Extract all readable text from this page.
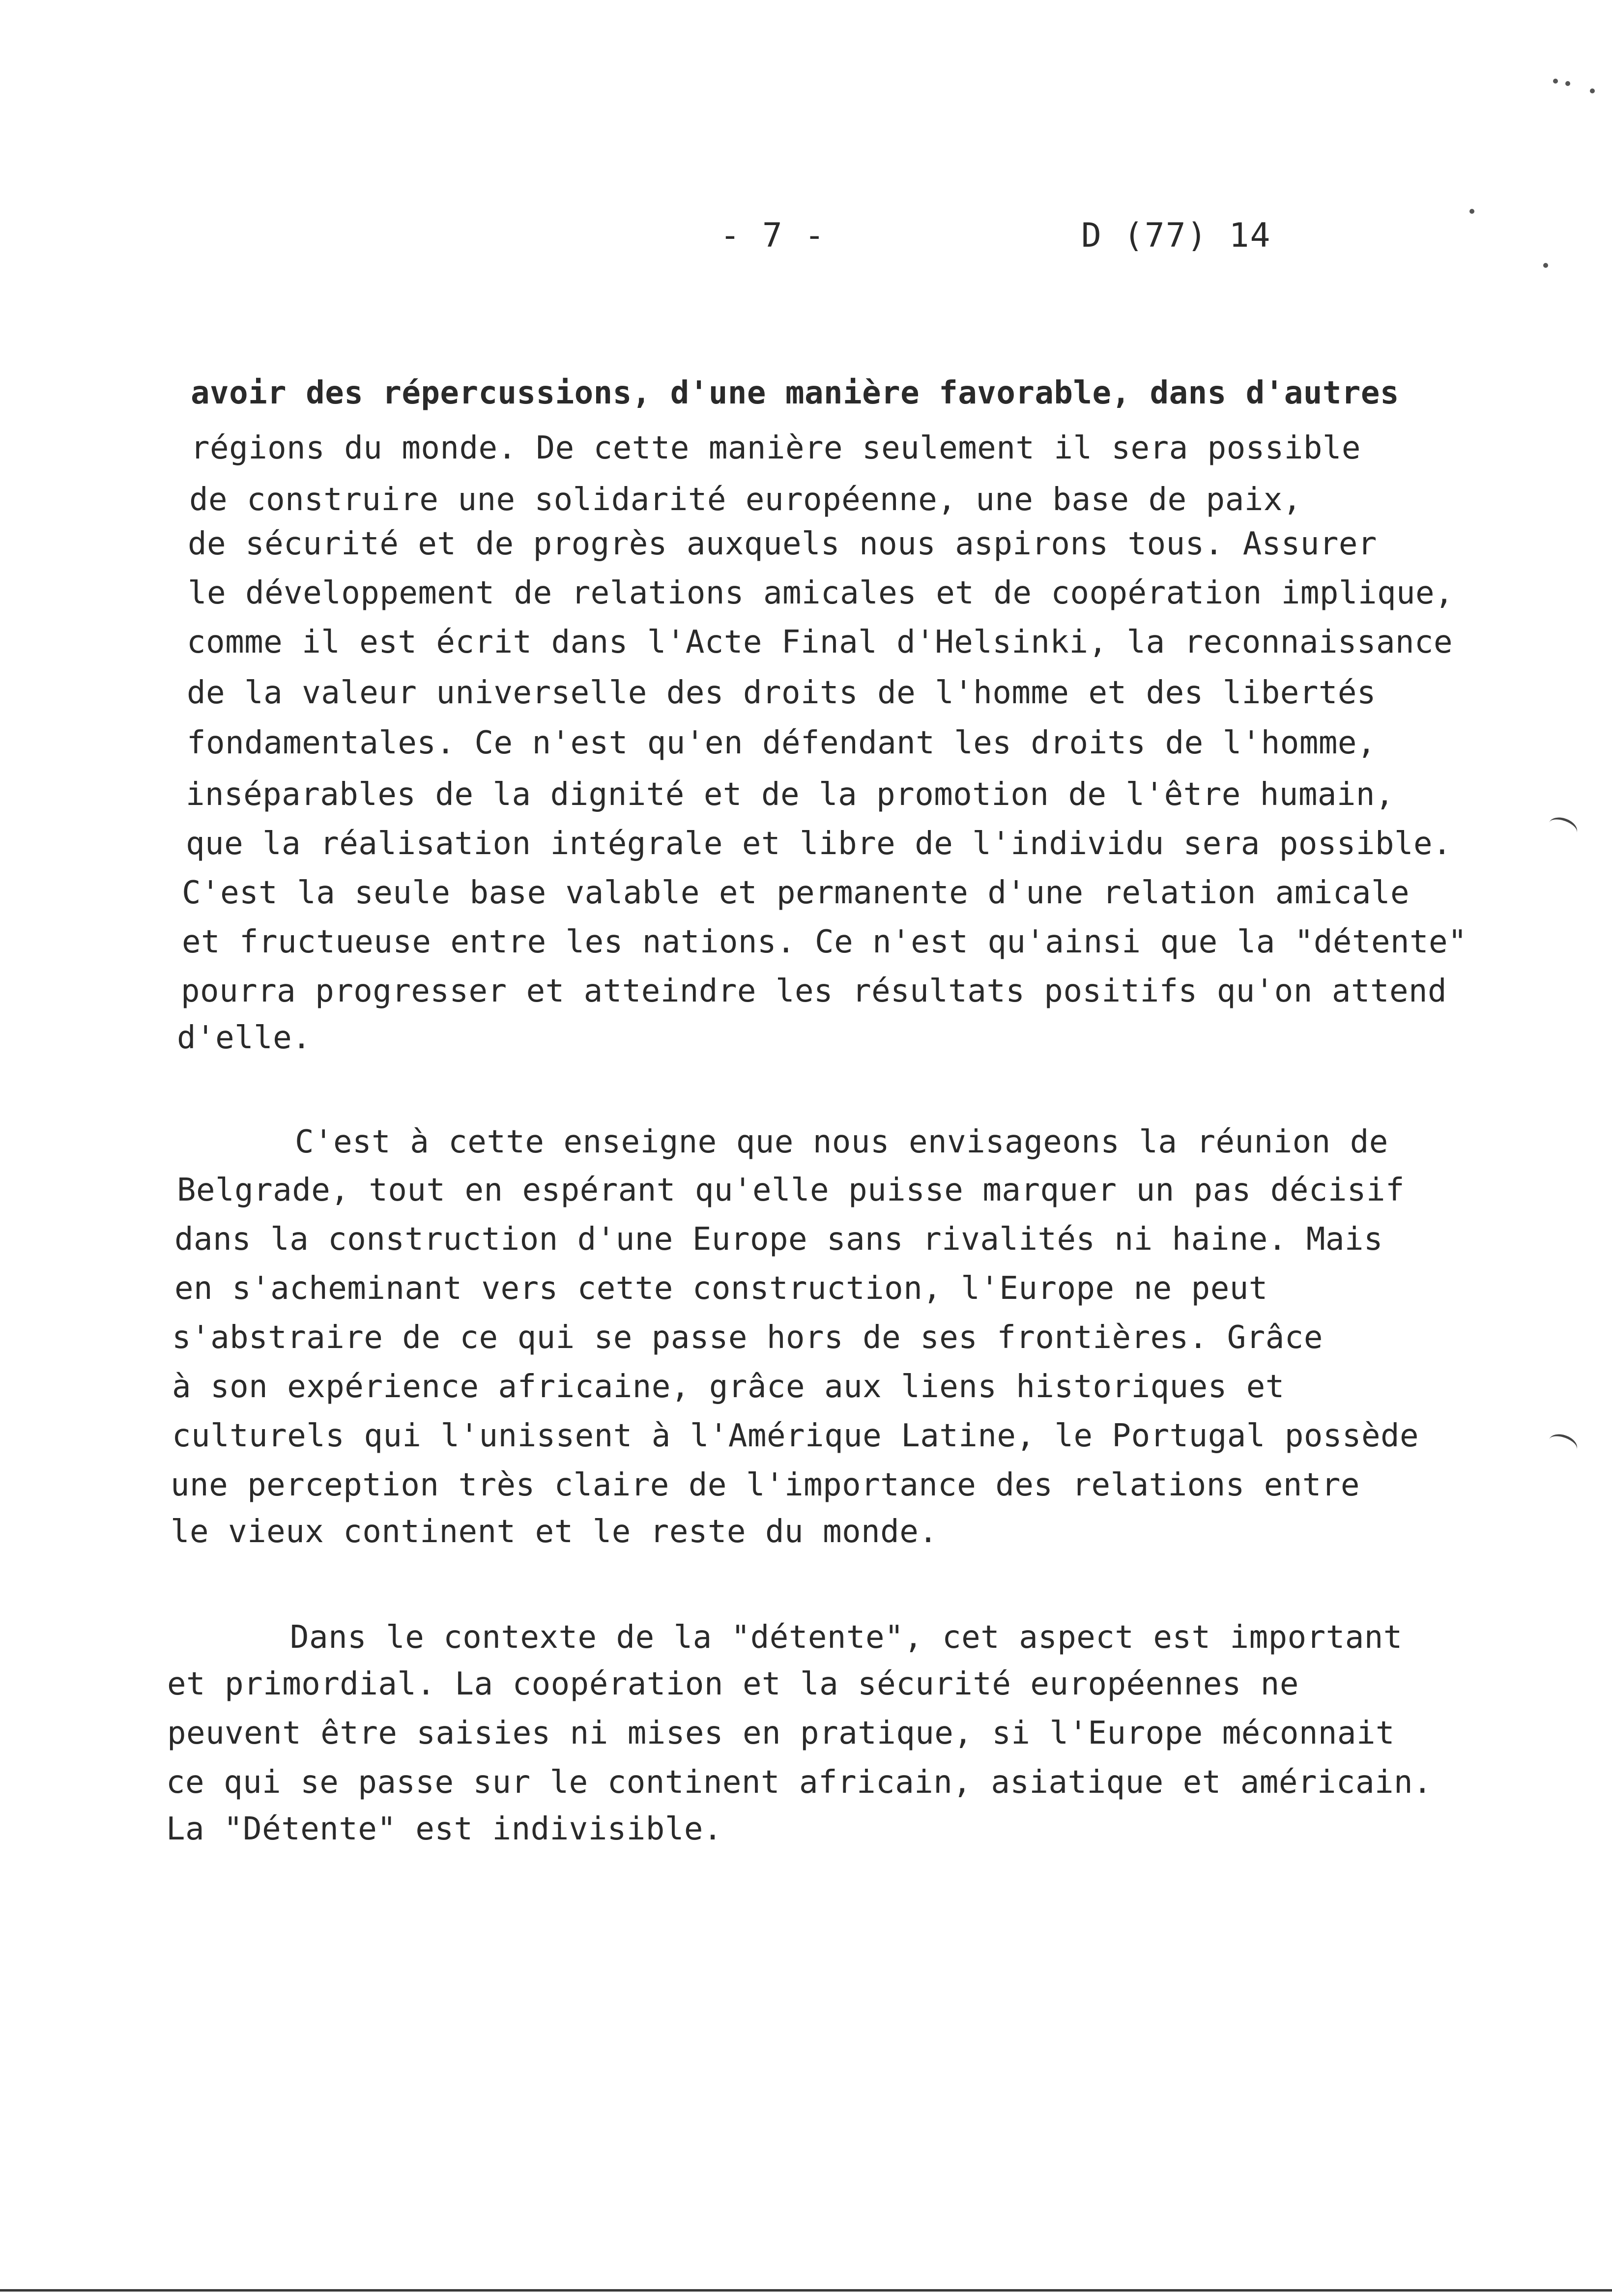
- 7 -	D (77) 14
avoir des répercussions, d'une manière favorable, dans d'autres
régions du monde. De cette manière seulement il sera possible
de construire une solidarité européenne, une base de paix,
de sécurité et de progrès auxquels nous aspirons tous. Assurer
le développement de relations amicales et de coopération implique,
comme il est écrit dans l'Acte Final d'Helsinki, la reconnaissance
de la valeur universelle des droits de l'homme et des libertés
fondamentales. Ce n'est qu'en défendant les droits de l'homme,
inséparables de la dignité et de la promotion de l'être humain,
que la réalisation intégrale et libre de l'individu sera possible.
C'est la seule base valable et permanente d'une relation amicale
et fructueuse entre les nations. Ce n'est qu'ainsi que la "détente"
pourra progresser et atteindre les résultats positifs qu'on attend
d'elle.
C'est à cette enseigne que nous envisageons la réunion de
Belgrade, tout en espérant qu'elle puisse marquer un pas décisif
dans la construction d'une Europe sans rivalités ni haine. Mais
en s'acheminant vers cette construction, l'Europe ne peut
s'abstraire de ce qui se passe hors de ses frontières. Grâce
à son expérience africaine, grâce aux liens historiques et
culturels qui l'unissent à l'Amérique Latine, le Portugal possède
une perception très claire de l'importance des relations entre
le vieux continent et le reste du monde.
Dans le contexte de la "détente", cet aspect est important
et primordial. La coopération et la sécurité européennes ne
peuvent être saisies ni mises en pratique, si l'Europe méconnait
ce qui se passe sur le continent africain, asiatique et américain.
La "Détente" est indivisible.
